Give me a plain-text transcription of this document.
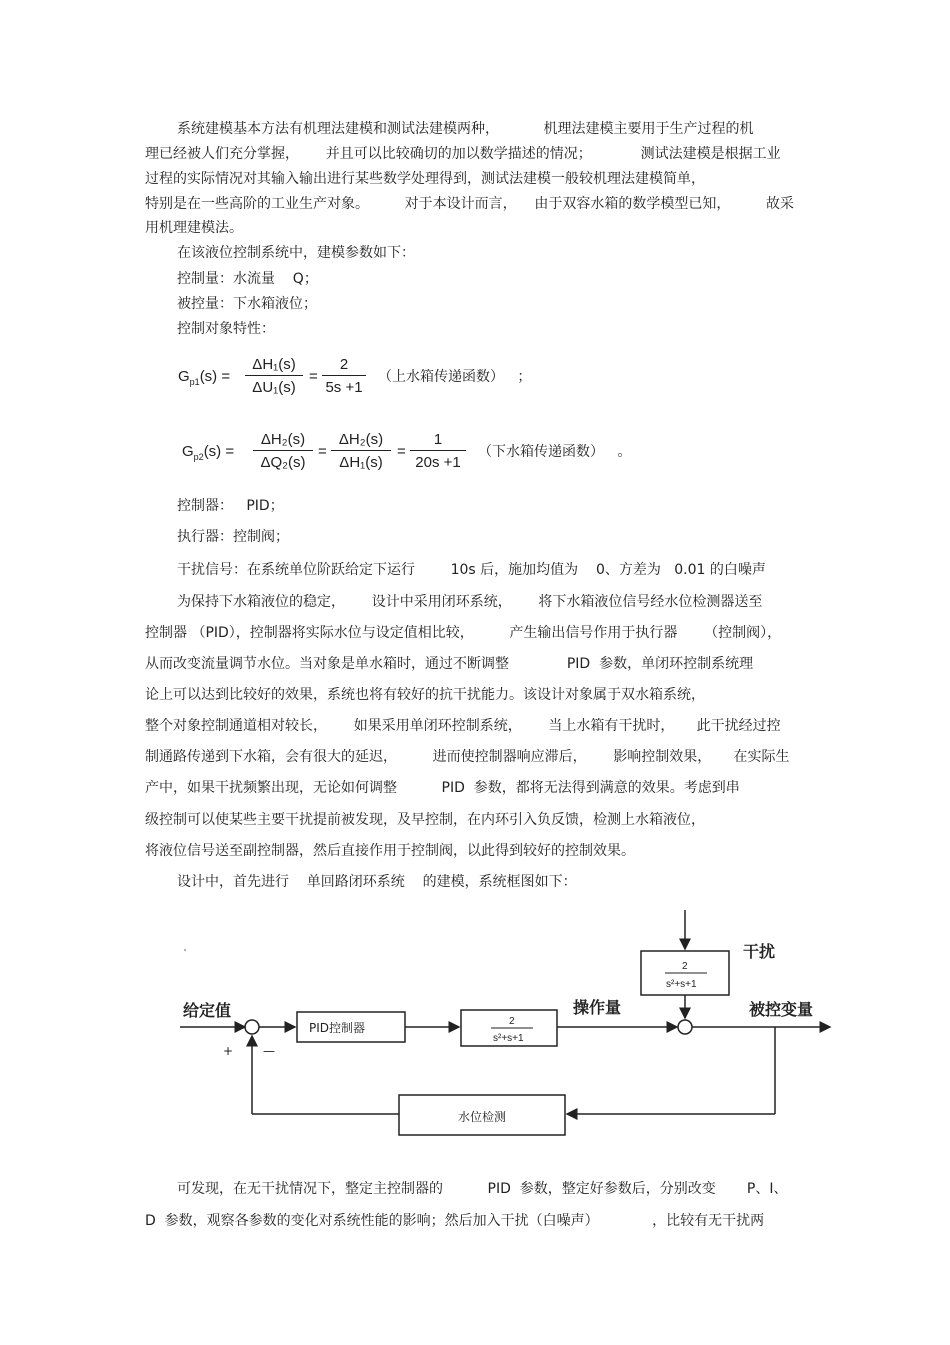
系统建模基本方法有机理法建模和测试法建模两种，          机理法建模主要用于生产过程的机
理已经被人们充分掌握，      并且可以比较确切的加以数学描述的情况；           测试法建模是根据工业
过程的实际情况对其输入输出进行某些数学处理得到，测试法建模一般较机理法建模简单，
特别是在一些高阶的工业生产对象。        对于本设计而言，    由于双容水箱的数学模型已知，        故采
用机理建模法。
在该液位控制系统中，建模参数如下：
控制量：水流量    Q；
被控量：下水箱液位；
控制对象特性：
$G_{p1}(s) = \frac{\text{ΔH₁(s)}}{\text{ΔU₁(s)}} = \frac{2}{5s +1}$ （上水箱传递函数）   ；
$G_{p2}(s) = \frac{\text{ΔH₂(s)}}{\text{ΔQ₂(s)}} = \frac{\text{ΔH₂(s)}}{\text{ΔH₁(s)}} = \frac{1}{20s +1}$ （下水箱传递函数）   。
控制器：   PID；
执行器：控制阀；
干扰信号：在系统单位阶跃给定下运行        10s 后，施加均值为    0、方差为   0.01 的白噪声
为保持下水箱液位的稳定，      设计中采用闭环系统，      将下水箱液位信号经水位检测器送至
控制器 （PID），控制器将实际水位与设定值相比较，        产生输出信号作用于执行器      （控制阀），
从而改变流量调节水位。当对象是单水箱时，通过不断调整             PID  参数，单闭环控制系统理
论上可以达到比较好的效果，系统也将有较好的抗干扰能力。该设计对象属于双水箱系统，
整个对象控制通道相对较长，      如果采用单闭环控制系统，      当上水箱有干扰时，     此干扰经过控
制通路传递到下水箱，会有很大的延迟，        进而使控制器响应滞后，      影响控制效果，     在实际生
产中，如果干扰频繁出现，无论如何调整          PID  参数，都将无法得到满意的效果。考虑到串
级控制可以使某些主要干扰提前被发现，及早控制，在内环引入负反馈，检测上水箱液位，
将液位信号送至副控制器，然后直接作用于控制阀，以此得到较好的控制效果。
设计中，首先进行    单回路闭环系统    的建模，系统框图如下：
给定值
+ —
PID控制器	2
s²+s+1
操作量
干扰
2
s²+s+1
被控变量
水位检测
可发现，在无干扰情况下，整定主控制器的          PID  参数，整定好参数后，分别改变       P、I、
D  参数，观察各参数的变化对系统性能的影响；然后加入干扰（白噪声）            ，比较有无干扰两
